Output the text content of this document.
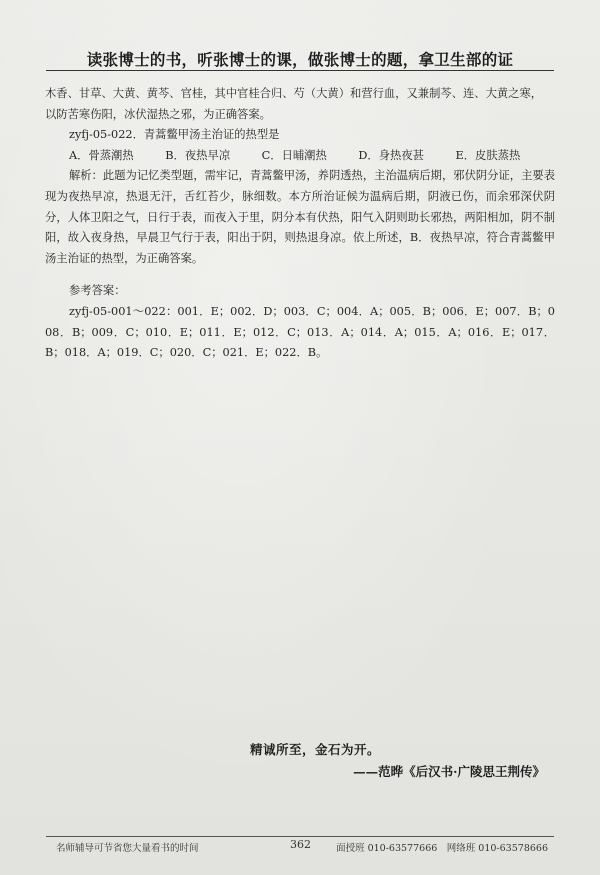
读张博士的书，听张博士的课，做张博士的题，拿卫生部的证

木香、甘草、大黄、黄芩、官桂，其中官桂合归、芍（大黄）和营行血，又兼制芩、连、大黄之寒，

以防苦寒伤阳，冰伏湿热之邪，为正确答案。

zyfj-05-022．青蒿鳖甲汤主治证的热型是

A．骨蒸潮热	B．夜热早凉	C．日晡潮热	D．身热夜甚	E．皮肤蒸热

解析：此题为记忆类型题，需牢记，青蒿鳖甲汤，养阴透热，主治温病后期，邪伏阴分证，主要表现为夜热早凉，热退无汗，舌红苔少，脉细数。本方所治证候为温病后期，阴液已伤，而余邪深伏阴分，人体卫阳之气，日行于表，而夜入于里，阴分本有伏热，阳气入阴则助长邪热，两阳相加，阴不制阳，故入夜身热，早晨卫气行于表，阳出于阴，则热退身凉。依上所述，B．夜热早凉，符合青蒿鳖甲汤主治证的热型，为正确答案。

参考答案：

zyfj-05-001～022：001．E；002．D；003．C；004．A；005．B；006．E；007．B；008．B；009．C；010．E；011．E；012．C；013．A；014．A；015．A；016．E；017．B；018．A；019．C；020．C；021．E；022．B。

精诚所至，金石为开。
——范晔《后汉书·广陵思王荆传》
名师辅导可节省您大量看书的时间	362	面授班 010-63577666　网络班 010-63578666
